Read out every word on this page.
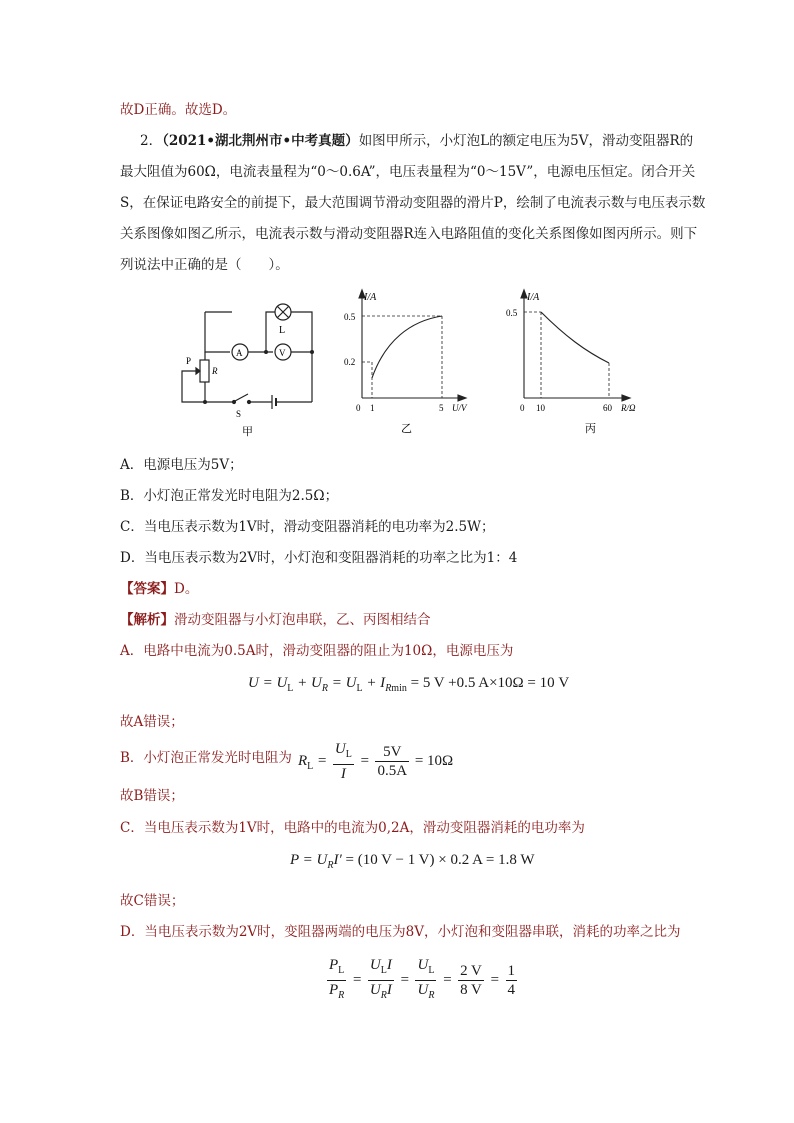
故D正确。故选D。
2．（2021•湖北荆州市•中考真题）如图甲所示，小灯泡L的额定电压为5V，滑动变阻器R的
最大阻值为60Ω，电流表量程为“0～0.6A”，电压表量程为“0～15V”，电源电压恒定。闭合开关
S，在保证电路安全的前提下，最大范围调节滑动变阻器的滑片P，绘制了电流表示数与电压表示数
关系图像如图乙所示，电流表示数与滑动变阻器R连入电路阻值的变化关系图像如图丙所示。则下
列说法中正确的是（　　）。
L
A	V
P
R
S
甲
I/A
0.5
0.2
0 1	5 U/V
乙
I/A
0.5
0 10	60 R/Ω
丙
A．电源电压为5V；
B．小灯泡正常发光时电阻为2.5Ω；
C．当电压表示数为1V时，滑动变阻器消耗的电功率为2.5W；
D．当电压表示数为2V时，小灯泡和变阻器消耗的功率之比为1：4
【答案】D。
【解析】滑动变阻器与小灯泡串联，乙、丙图相结合
A．电路中电流为0.5A时，滑动变阻器的阻止为10Ω，电源电压为
$U = U_L + U_R = U_L + I_{Rmin} = 5$ V +0.5 A×10Ω = 10 V
故A错误；
B．小灯泡正常发光时电阻为 $R_L = \frac{U_L}{I} = \frac{5V}{0.5A} = 10\Omega$
故B错误；
C．当电压表示数为1V时，电路中的电流为0,2A，滑动变阻器消耗的电功率为
$P = U_RI' = (10$ V − 1 V) × 0.2 A = 1.8 W
故C错误；
D．当电压表示数为2V时，变阻器两端的电压为8V，小灯泡和变阻器串联，消耗的功率之比为
$\frac{P_L}{P_R} = \frac{U_LI}{U_RI} = \frac{U_L}{U_R} = \frac{2 V}{8 V} = \frac{1}{4}$
